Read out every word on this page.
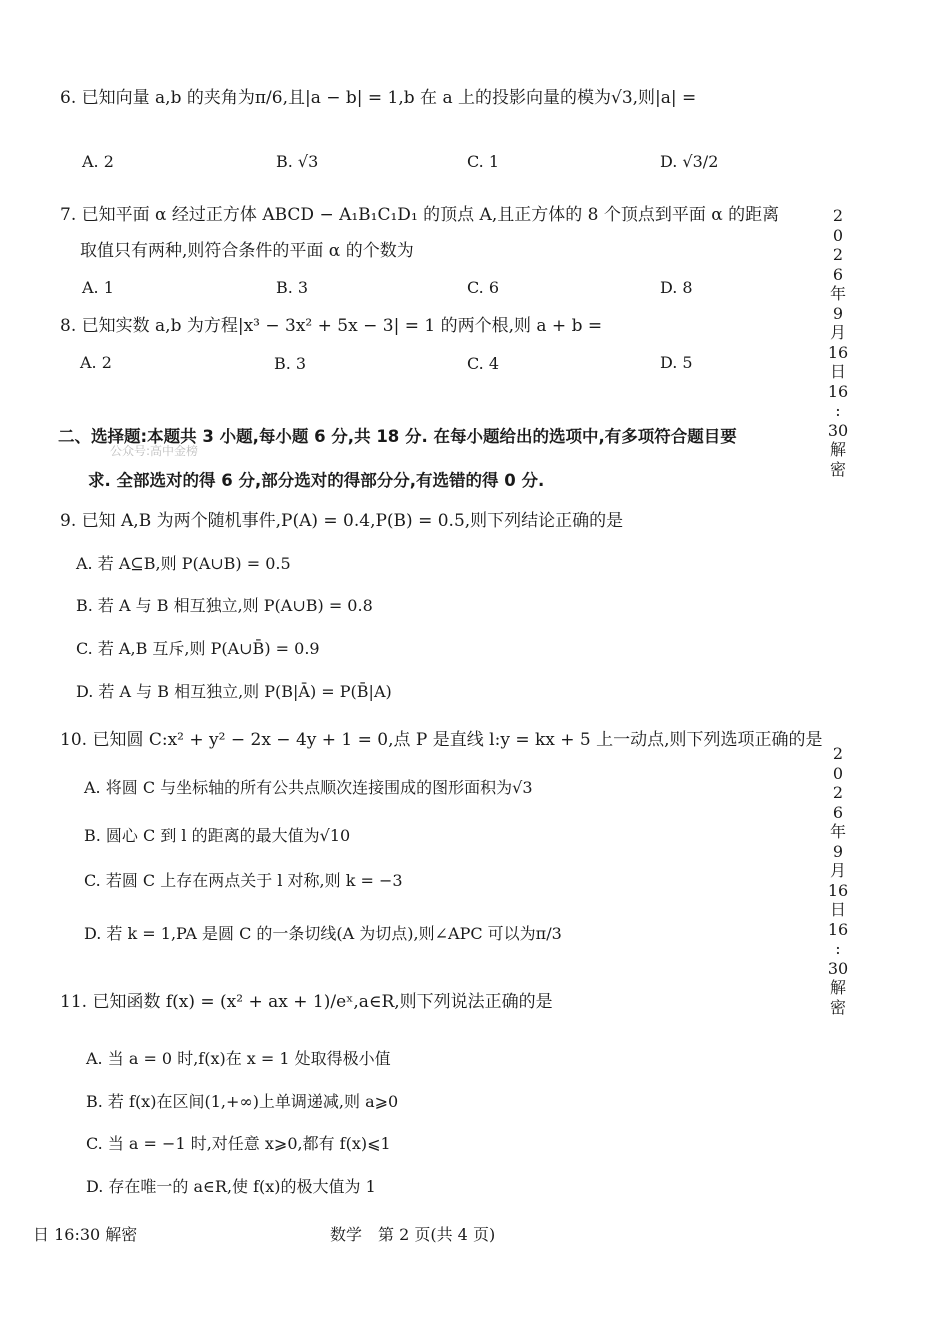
6. 已知向量 a,b 的夹角为π/6,且|a − b| = 1,b 在 a 上的投影向量的模为√3,则|a| =
A. 2	B. √3	C. 1	D. √3/2
7. 已知平面 α 经过正方体 ABCD − A₁B₁C₁D₁ 的顶点 A,且正方体的 8 个顶点到平面 α 的距离
取值只有两种,则符合条件的平面 α 的个数为
A. 1	B. 3	C. 6	D. 8
8. 已知实数 a,b 为方程|x³ − 3x² + 5x − 3| = 1 的两个根,则 a + b =
A. 2	B. 3	C. 4	D. 5
二、选择题:本题共 3 小题,每小题 6 分,共 18 分. 在每小题给出的选项中,有多项符合题目要
公众号:高中金榜
求. 全部选对的得 6 分,部分选对的得部分分,有选错的得 0 分.
9. 已知 A,B 为两个随机事件,P(A) = 0.4,P(B) = 0.5,则下列结论正确的是
A. 若 A⊆B,则 P(A∪B) = 0.5
B. 若 A 与 B 相互独立,则 P(A∪B) = 0.8
C. 若 A,B 互斥,则 P(A∪B̄) = 0.9
D. 若 A 与 B 相互独立,则 P(B|Ā) = P(B̄|A)
10. 已知圆 C:x² + y² − 2x − 4y + 1 = 0,点 P 是直线 l:y = kx + 5 上一动点,则下列选项正确的是
A. 将圆 C 与坐标轴的所有公共点顺次连接围成的图形面积为√3
B. 圆心 C 到 l 的距离的最大值为√10
C. 若圆 C 上存在两点关于 l 对称,则 k = −3
D. 若 k = 1,PA 是圆 C 的一条切线(A 为切点),则∠APC 可以为π/3
11. 已知函数 f(x) = (x² + ax + 1)/eˣ,a∈R,则下列说法正确的是
A. 当 a = 0 时,f(x)在 x = 1 处取得极小值
B. 若 f(x)在区间(1,+∞)上单调递减,则 a⩾0
C. 当 a = −1 时,对任意 x⩾0,都有 f(x)⩽1
D. 存在唯一的 a∈R,使 f(x)的极大值为 1
2
0
2
6
年
9
月
16
日
16
:
30
解
密
2
0
2
6
年
9
月
16
日
16
:
30
解
密
日 16:30 解密	数学　第 2 页(共 4 页)
